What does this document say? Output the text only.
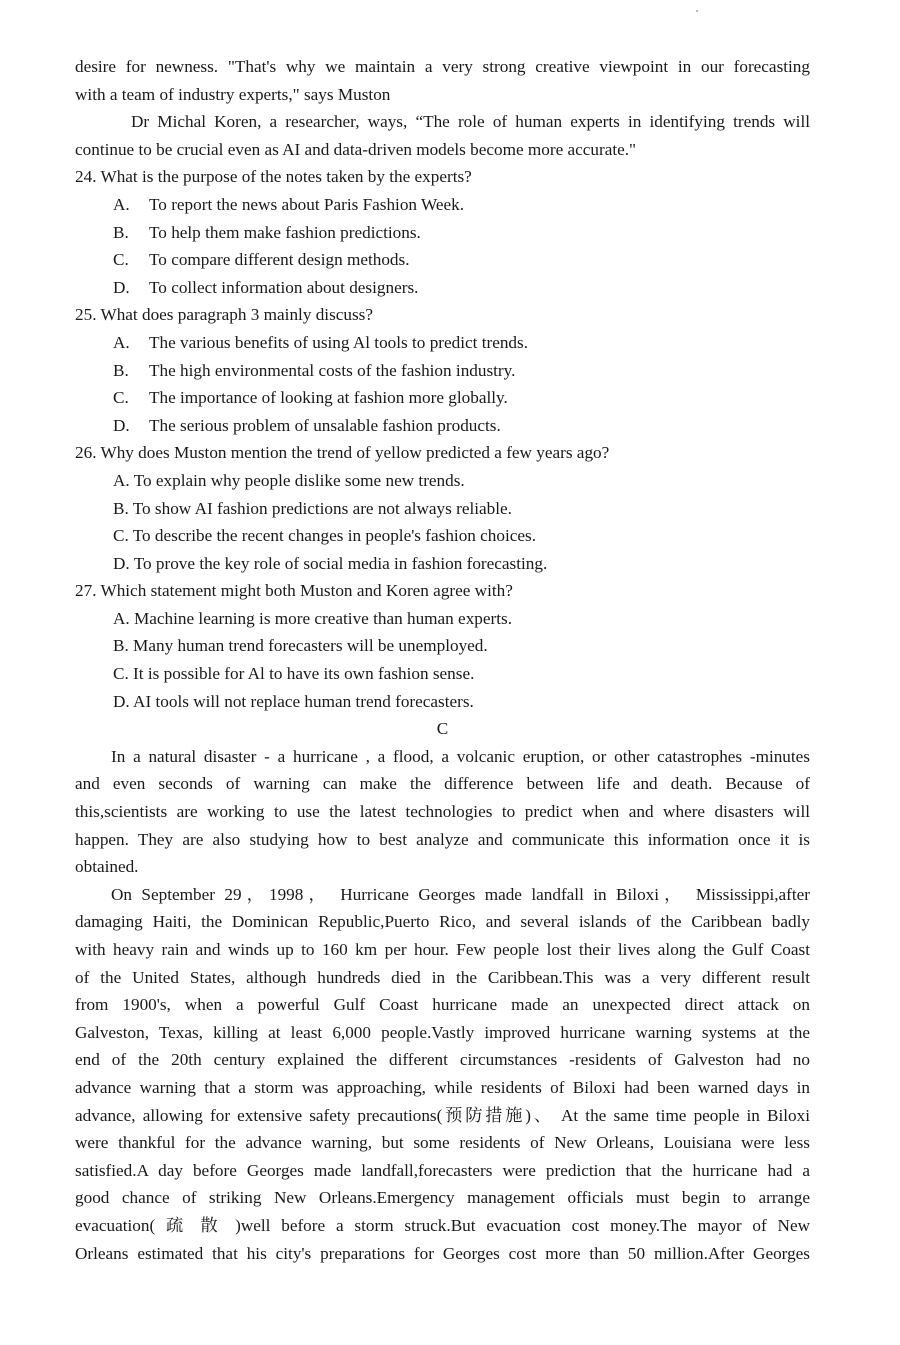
desire for newness. "That's why we maintain a very strong creative viewpoint in our forecasting
with a team of industry experts," says Muston
Dr Michal Koren, a researcher, ways, “The role of human experts in identifying trends will
continue to be crucial even as AI and data-driven models become more accurate."
24. What is the purpose of the notes taken by the experts?
A.	To report the news about Paris Fashion Week.
B.	To help them make fashion predictions.
C.	To compare different design methods.
D.	To collect information about designers.
25. What does paragraph 3 mainly discuss?
A.	The various benefits of using Al tools to predict trends.
B.	The high environmental costs of the fashion industry.
C.	The importance of looking at fashion more globally.
D.	The serious problem of unsalable fashion products.
26. Why does Muston mention the trend of yellow predicted a few years ago?
A. To explain why people dislike some new trends.
B. To show AI fashion predictions are not always reliable.
C. To describe the recent changes in people's fashion choices.
D. To prove the key role of social media in fashion forecasting.
27. Which statement might both Muston and Koren agree with?
A. Machine learning is more creative than human experts.
B. Many human trend forecasters will be unemployed.
C. It is possible for Al to have its own fashion sense.
D. AI tools will not replace human trend forecasters.
C
In a natural disaster - a hurricane , a flood, a volcanic eruption, or other catastrophes -minutes
and even seconds of warning can make the difference between life and death. Because of
this,scientists are working to use the latest technologies to predict when and where disasters will
happen. They are also studying how to best analyze and communicate this information once it is
obtained.
On September 29，1998， Hurricane Georges made landfall in Biloxi， Mississippi,after
damaging Haiti, the Dominican Republic,Puerto Rico, and several islands of the Caribbean badly
with heavy rain and winds up to 160 km per hour. Few people lost their lives along the Gulf Coast
of the United States, although hundreds died in the Caribbean.This was a very different result
from 1900's, when a powerful Gulf Coast hurricane made an unexpected direct attack on
Galveston, Texas, killing at least 6,000 people.Vastly improved hurricane warning systems at the
end of the 20th century explained the different circumstances -residents of Galveston had no
advance warning that a storm was approaching, while residents of Biloxi had been warned days in
advance, allowing for extensive safety precautions(预防措施)、 At the same time people in Biloxi
were thankful for the advance warning, but some residents of New Orleans, Louisiana were less
satisfied.A day before Georges made landfall,forecasters were prediction that the hurricane had a
good chance of striking New Orleans.Emergency management officials must begin to arrange
evacuation( 疏 散 )well before a storm struck.But evacuation cost money.The mayor of New
Orleans estimated that his city's preparations for Georges cost more than 50 million.After Georges
